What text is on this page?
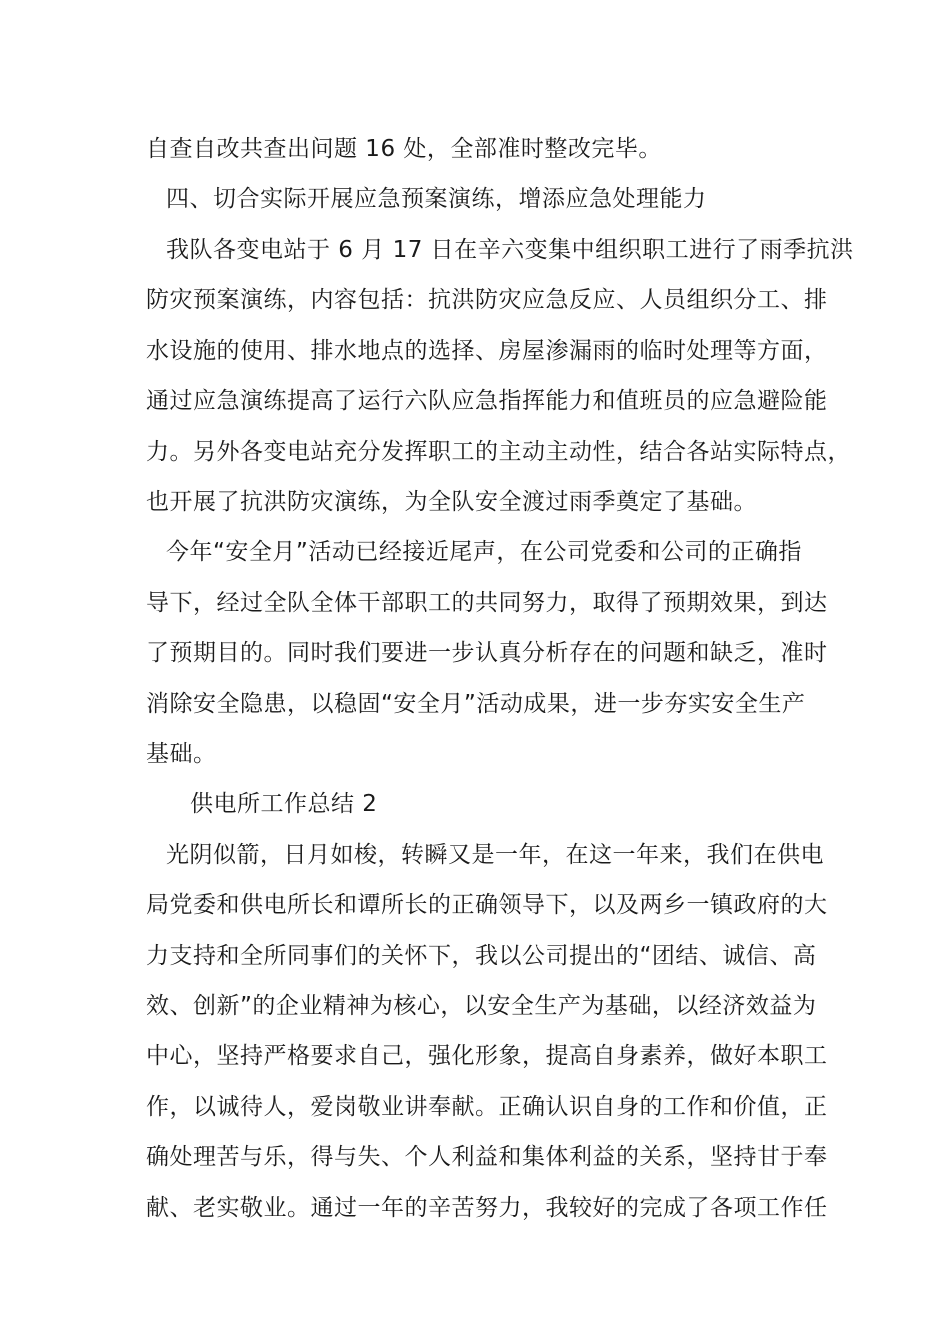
自查自改共查出问题 16 处，全部准时整改完毕。
四、切合实际开展应急预案演练，增添应急处理能力
我队各变电站于 6 月 17 日在辛六变集中组织职工进行了雨季抗洪
防灾预案演练，内容包括：抗洪防灾应急反应、人员组织分工、排
水设施的使用、排水地点的选择、房屋渗漏雨的临时处理等方面，
通过应急演练提高了运行六队应急指挥能力和值班员的应急避险能
力。另外各变电站充分发挥职工的主动主动性，结合各站实际特点，
也开展了抗洪防灾演练，为全队安全渡过雨季奠定了基础。
今年“安全月”活动已经接近尾声，在公司党委和公司的正确指
导下，经过全队全体干部职工的共同努力，取得了预期效果，到达
了预期目的。同时我们要进一步认真分析存在的问题和缺乏，准时
消除安全隐患，以稳固“安全月”活动成果，进一步夯实安全生产
基础。
供电所工作总结 2
光阴似箭，日月如梭，转瞬又是一年，在这一年来，我们在供电
局党委和供电所长和谭所长的正确领导下，以及两乡一镇政府的大
力支持和全所同事们的关怀下，我以公司提出的“团结、诚信、高
效、创新”的企业精神为核心，以安全生产为基础，以经济效益为
中心，坚持严格要求自己，强化形象，提高自身素养，做好本职工
作，以诚待人，爱岗敬业讲奉献。正确认识自身的工作和价值，正
确处理苦与乐，得与失、个人利益和集体利益的关系，坚持甘于奉
献、老实敬业。通过一年的辛苦努力，我较好的完成了各项工作任
